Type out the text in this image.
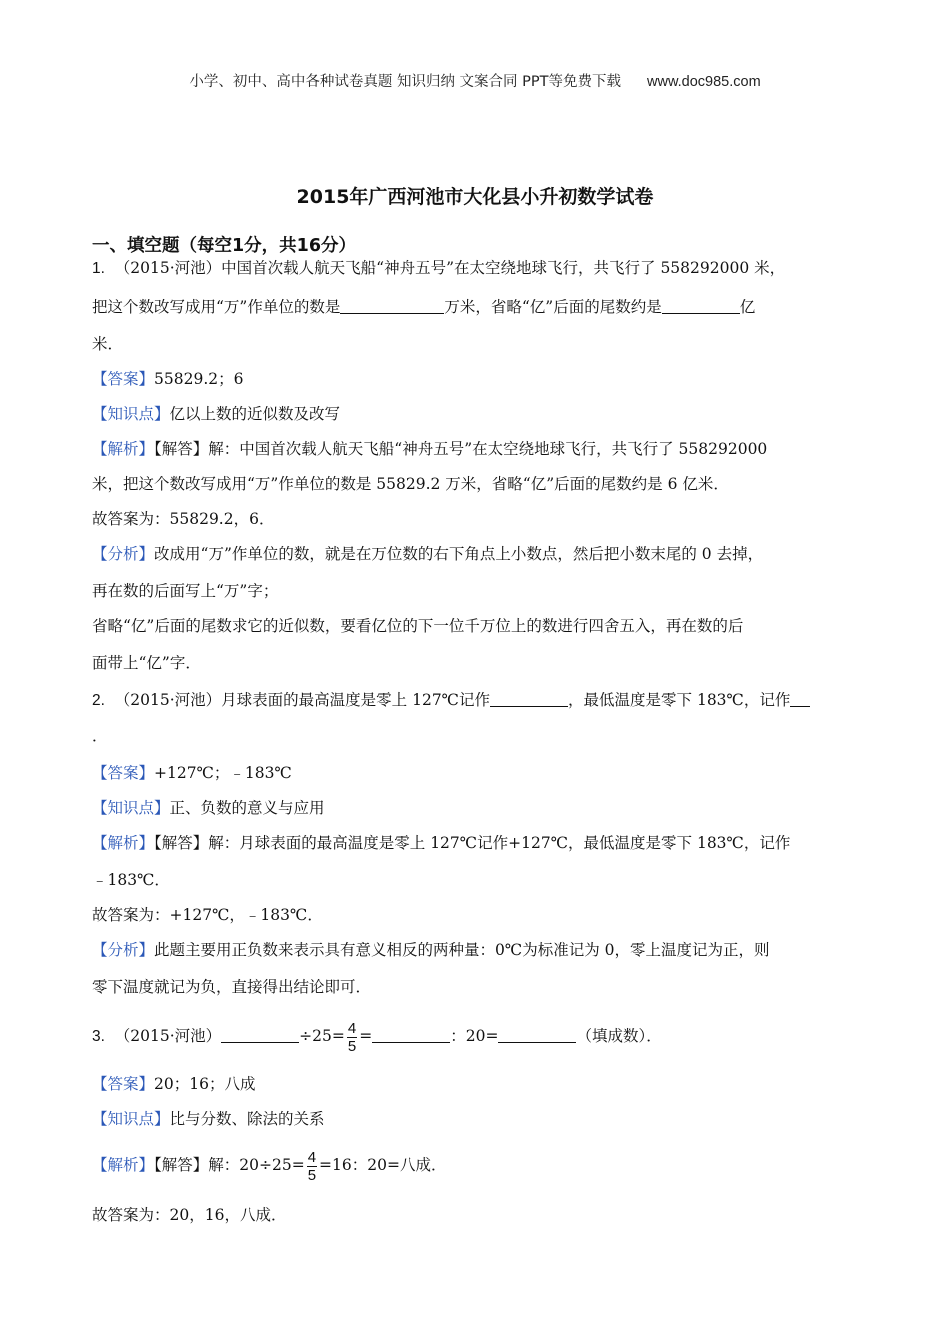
小学、初中、高中各种试卷真题 知识归纳 文案合同 PPT等免费下载 www.doc985.com
2015年广西河池市大化县小升初数学试卷
一、填空题（每空1分，共16分）
1. （2015·河池）中国首次载人航天飞船“神舟五号”在太空绕地球飞行，共飞行了 558292000 米，
把这个数改写成用“万”作单位的数是	万米，省略“亿”后面的尾数约是	亿
米．
【答案】55829.2；6
【知识点】亿以上数的近似数及改写
【解析】【解答】解：中国首次载人航天飞船“神舟五号”在太空绕地球飞行，共飞行了 558292000
米，把这个数改写成用“万”作单位的数是 55829.2 万米，省略“亿”后面的尾数约是 6 亿米．
故答案为：55829.2，6．
【分析】改成用“万”作单位的数，就是在万位数的右下角点上小数点，然后把小数末尾的 0 去掉，
再在数的后面写上“万”字；
省略“亿”后面的尾数求它的近似数，要看亿位的下一位千万位上的数进行四舍五入，再在数的后
面带上“亿”字．
2. （2015·河池）月球表面的最高温度是零上 127℃记作	，最低温度是零下 183℃，记作
．
【答案】+127℃；﹣183℃
【知识点】正、负数的意义与应用
【解析】【解答】解：月球表面的最高温度是零上 127℃记作+127℃，最低温度是零下 183℃，记作
﹣183℃．
故答案为：+127℃，﹣183℃．
【分析】此题主要用正负数来表示具有意义相反的两种量：0℃为标准记为 0，零上温度记为正，则
零下温度就记为负，直接得出结论即可．
3. （2015·河池）	$\div 25= \frac{4}{5}$ =	：20=	（填成数）．
【答案】20；16；八成
【知识点】比与分数、除法的关系
【解析】【解答】解：$20\div 25= \frac{4}{5} =16$：20=八成．
故答案为：20，16，八成．
